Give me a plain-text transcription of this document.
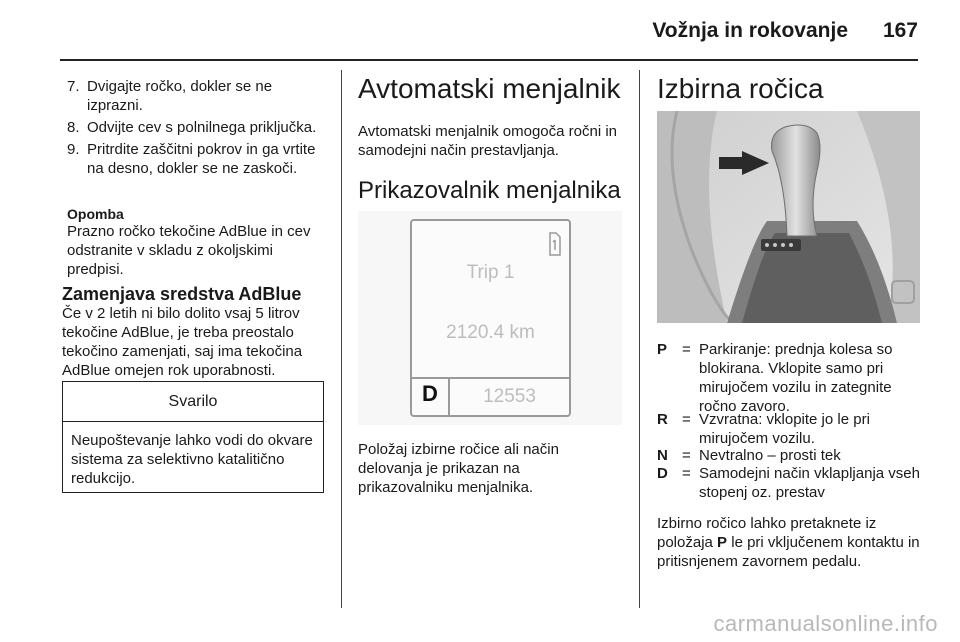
Vožnja in rokovanje 167
7. Dvigajte ročko, dokler se ne izprazni.
8. Odvijte cev s polnilnega priključka.
9. Pritrdite zaščitni pokrov in ga vrtite na desno, dokler se ne zaskoči.
Opomba
Prazno ročko tekočine AdBlue in cev odstranite v skladu z okoljskimi predpisi.
Zamenjava sredstva AdBlue
Če v 2 letih ni bilo dolito vsaj 5 litrov tekočine AdBlue, je treba preostalo tekočino zamenjati, saj ima tekočina AdBlue omejen rok uporabnosti.
Svarilo
Neupoštevanje lahko vodi do okvare sistema za selektivno katalitično redukcijo.
Avtomatski menjalnik
Avtomatski menjalnik omogoča ročni in samodejni način prestavljanja.
Prikazovalnik menjalnika
Trip 1
2120.4 km
D	12553
Položaj izbirne ročice ali način delovanja je prikazan na prikazovalniku menjalnika.
Izbirna ročica
P = Parkiranje: prednja kolesa so blokirana. Vklopite samo pri mirujočem vozilu in zategnite ročno zavoro.
R = Vzvratna: vklopite jo le pri mirujočem vozilu.
N = Nevtralno – prosti tek
D = Samodejni način vklapljanja vseh stopenj oz. prestav
Izbirno ročico lahko pretaknete iz položaja P le pri vključenem kontaktu in pritisnjenem zavornem pedalu.
carmanualsonline.info
